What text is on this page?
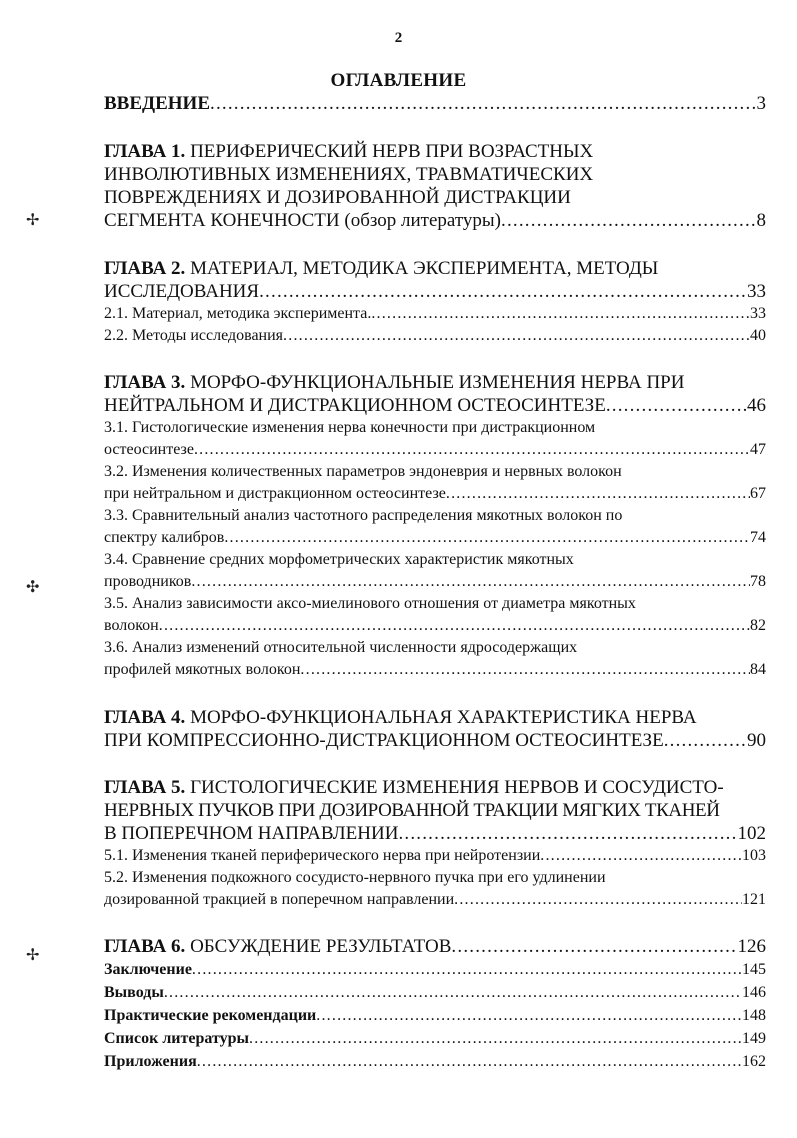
2
ОГЛАВЛЕНИЕ
✢
✣
✢
ВВЕДЕНИЕ .....	3
ГЛАВА 1. ПЕРИФЕРИЧЕСКИЙ НЕРВ ПРИ ВОЗРАСТНЫХ
ИНВОЛЮТИВНЫХ ИЗМЕНЕНИЯХ, ТРАВМАТИЧЕСКИХ
ПОВРЕЖДЕНИЯХ И ДОЗИРОВАННОЙ ДИСТРАКЦИИ
СЕГМЕНТА КОНЕЧНОСТИ (обзор литературы) .....	8
ГЛАВА 2. МАТЕРИАЛ, МЕТОДИКА ЭКСПЕРИМЕНТА, МЕТОДЫ
ИССЛЕДОВАНИЯ .....	33
2.1. Материал, методика эксперимента. .....	33
2.2. Методы исследования .....	40
ГЛАВА 3. МОРФО-ФУНКЦИОНАЛЬНЫЕ ИЗМЕНЕНИЯ НЕРВА ПРИ
НЕЙТРАЛЬНОМ И ДИСТРАКЦИОННОМ ОСТЕОСИНТЕЗЕ .....	46
3.1. Гистологические изменения нерва конечности при дистракционном
остеосинтезе .....	47
3.2. Изменения количественных параметров эндоневрия и нервных волокон
при нейтральном и дистракционном остеосинтезе .....	67
3.3. Сравнительный анализ частотного распределения мякотных волокон по
спектру калибров .....	74
3.4. Сравнение средних морфометрических характеристик мякотных
проводников .....	78
3.5. Анализ зависимости аксо-миелинового отношения от диаметра мякотных
волокон .....	82
3.6. Анализ изменений относительной численности ядросодержащих
профилей мякотных волокон .....	84
ГЛАВА 4. МОРФО-ФУНКЦИОНАЛЬНАЯ ХАРАКТЕРИСТИКА НЕРВА
ПРИ КОМПРЕССИОННО-ДИСТРАКЦИОННОМ ОСТЕОСИНТЕЗЕ .....	90
ГЛАВА 5. ГИСТОЛОГИЧЕСКИЕ ИЗМЕНЕНИЯ НЕРВОВ И СОСУДИСТО-
НЕРВНЫХ ПУЧКОВ ПРИ ДОЗИРОВАННОЙ ТРАКЦИИ МЯГКИХ ТКАНЕЙ
В ПОПЕРЕЧНОМ НАПРАВЛЕНИИ .....	102
5.1. Изменения тканей периферического нерва при нейротензии .....	103
5.2. Изменения подкожного сосудисто-нервного пучка при его удлинении
дозированной тракцией в поперечном направлении .....	121
ГЛАВА 6. ОБСУЖДЕНИЕ РЕЗУЛЬТАТОВ .....	126
Заключение .....	145
Выводы .....	146
Практические рекомендации .....	148
Список литературы .....	149
Приложения .....	162
